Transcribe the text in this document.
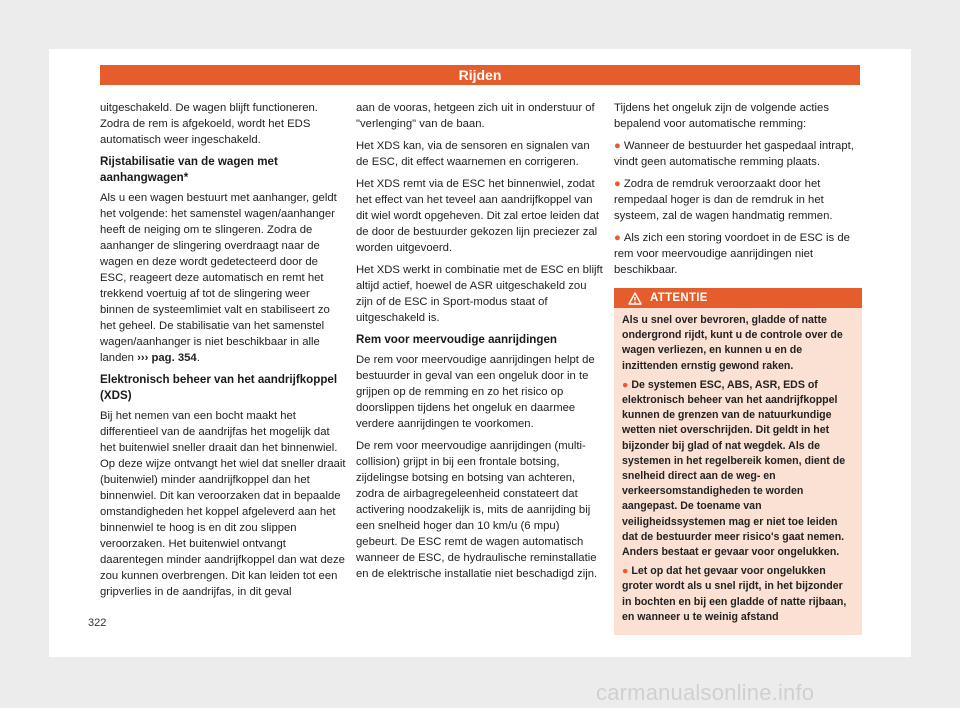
Rijden

uitgeschakeld. De wagen blijft functioneren. Zodra de rem is afgekoeld, wordt het EDS automatisch weer ingeschakeld.

Rijstabilisatie van de wagen met aanhangwagen*

Als u een wagen bestuurt met aanhanger, geldt het volgende: het samenstel wagen/aanhanger heeft de neiging om te slingeren. Zodra de aanhanger de slingering overdraagt naar de wagen en deze wordt gedetecteerd door de ESC, reageert deze automatisch en remt het trekkend voertuig af tot de slingering weer binnen de systeemlimiet valt en stabiliseert zo het geheel. De stabilisatie van het samenstel wagen/aanhanger is niet beschikbaar in alle landen ››› pag. 354.

Elektronisch beheer van het aandrijfkoppel (XDS)

Bij het nemen van een bocht maakt het differentieel van de aandrijfas het mogelijk dat het buitenwiel sneller draait dan het binnenwiel. Op deze wijze ontvangt het wiel dat sneller draait (buitenwiel) minder aandrijfkoppel dan het binnenwiel. Dit kan veroorzaken dat in bepaalde omstandigheden het koppel afgeleverd aan het binnenwiel te hoog is en dit zou slippen veroorzaken. Het buitenwiel ontvangt daarentegen minder aandrijfkoppel dan wat deze zou kunnen overbrengen. Dit kan leiden tot een gripverlies in de aandrijfas, in dit geval

aan de vooras, hetgeen zich uit in onderstuur of "verlenging" van de baan.

Het XDS kan, via de sensoren en signalen van de ESC, dit effect waarnemen en corrigeren.

Het XDS remt via de ESC het binnenwiel, zodat het effect van het teveel aan aandrijfkoppel van dit wiel wordt opgeheven. Dit zal ertoe leiden dat de door de bestuurder gekozen lijn preciezer zal worden uitgevoerd.

Het XDS werkt in combinatie met de ESC en blijft altijd actief, hoewel de ASR uitgeschakeld zou zijn of de ESC in Sport-modus staat of uitgeschakeld is.

Rem voor meervoudige aanrijdingen

De rem voor meervoudige aanrijdingen helpt de bestuurder in geval van een ongeluk door in te grijpen op de remming en zo het risico op doorslippen tijdens het ongeluk en daarmee verdere aanrijdingen te voorkomen.

De rem voor meervoudige aanrijdingen (multi-collision) grijpt in bij een frontale botsing, zijdelingse botsing en botsing van achteren, zodra de airbagregeleenheid constateert dat activering noodzakelijk is, mits de aanrijding bij een snelheid hoger dan 10 km/u (6 mpu) gebeurt. De ESC remt de wagen automatisch wanneer de ESC, de hydraulische reminstallatie en de elektrische installatie niet beschadigd zijn.

Tijdens het ongeluk zijn de volgende acties bepalend voor automatische remming:

● Wanneer de bestuurder het gaspedaal intrapt, vindt geen automatische remming plaats.

● Zodra de remdruk veroorzaakt door het rempedaal hoger is dan de remdruk in het systeem, zal de wagen handmatig remmen.

● Als zich een storing voordoet in de ESC is de rem voor meervoudige aanrijdingen niet beschikbaar.

ATTENTIE

Als u snel over bevroren, gladde of natte ondergrond rijdt, kunt u de controle over de wagen verliezen, en kunnen u en de inzittenden ernstig gewond raken.

● De systemen ESC, ABS, ASR, EDS of elektronisch beheer van het aandrijfkoppel kunnen de grenzen van de natuurkundige wetten niet overschrijden. Dit geldt in het bijzonder bij glad of nat wegdek. Als de systemen in het regelbereik komen, dient de snelheid direct aan de weg- en verkeersomstandigheden te worden aangepast. De toename van veiligheidssystemen mag er niet toe leiden dat de bestuurder meer risico's gaat nemen. Anders bestaat er gevaar voor ongelukken.

● Let op dat het gevaar voor ongelukken groter wordt als u snel rijdt, in het bijzonder in bochten en bij een gladde of natte rijbaan, en wanneer u te weinig afstand

322
carmanualsonline.info
